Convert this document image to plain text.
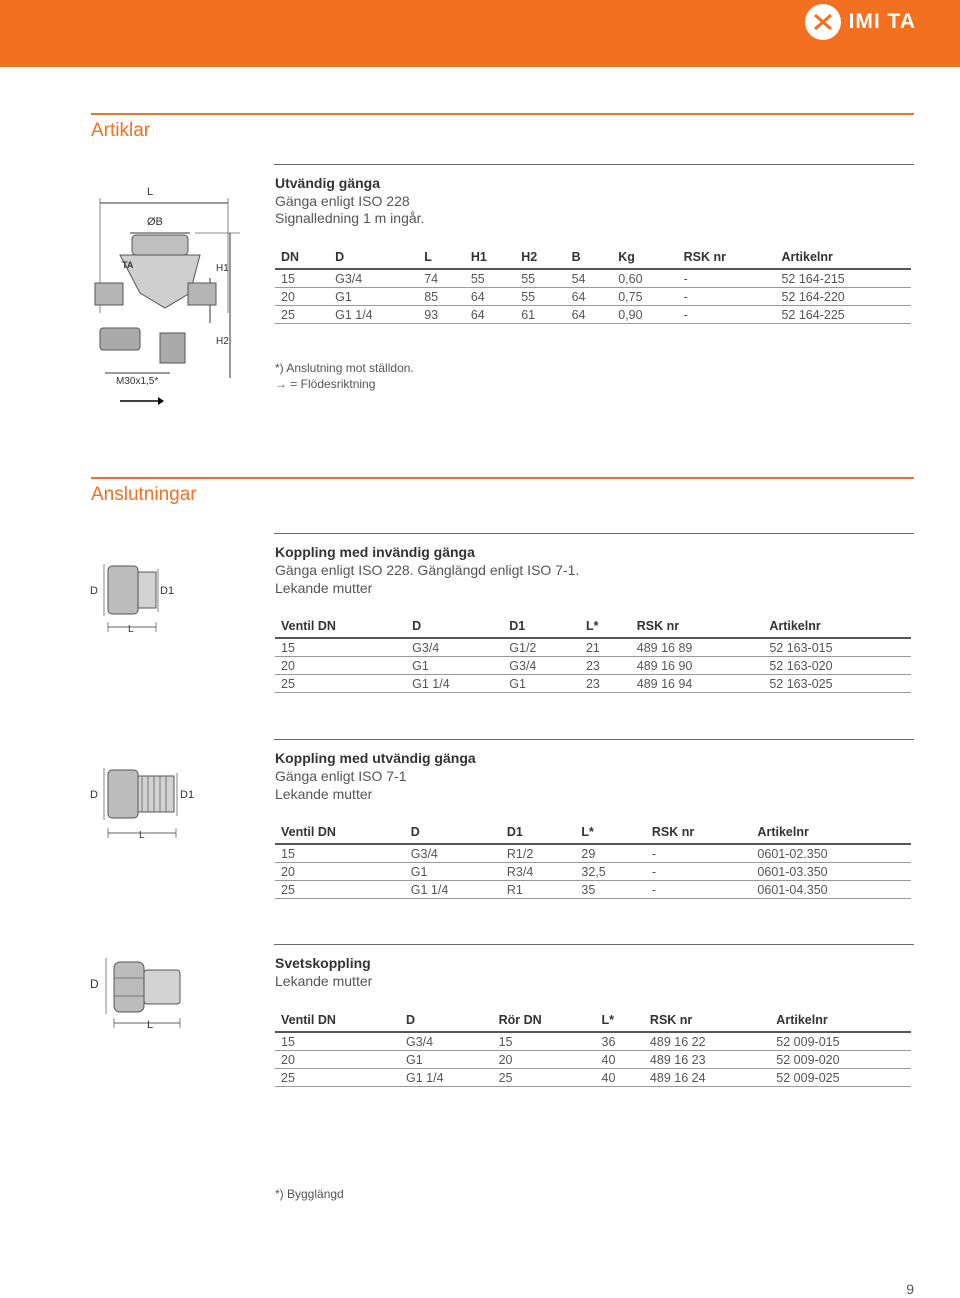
IMI TA
Artiklar
L
ØB
H1
H2
TA
M30x1,5*

Utvändig gänga

Gänga enligt ISO 228

Signalledning 1 m ingår.

DN	D	L	H1	H2	B	Kg	RSK nr	Artikelnr
15	G3/4	74	55	55	54	0,60	-	52 164-215
20	G1	85	64	55	64	0,75	-	52 164-220
25	G1 1/4	93	64	61	64	0,90	-	52 164-225
*) Anslutning mot ställdon.
→ = Flödesriktning
Anslutningar
D	D1
L

Koppling med invändig gänga

Gänga enligt ISO 228. Gänglängd enligt ISO 7-1.

Lekande mutter

Ventil DN	D	D1	L*	RSK nr	Artikelnr
15	G3/4	G1/2	21	489 16 89	52 163-015
20	G1	G3/4	23	489 16 90	52 163-020
25	G1 1/4	G1	23	489 16 94	52 163-025
D	D1
L

Koppling med utvändig gänga

Gänga enligt ISO 7-1

Lekande mutter

Ventil DN	D	D1	L*	RSK nr	Artikelnr
15	G3/4	R1/2	29	-	0601-02.350
20	G1	R3/4	32,5	-	0601-03.350
25	G1 1/4	R1	35	-	0601-04.350
D
L

Svetskoppling

Lekande mutter

Ventil DN	D	Rör DN	L*	RSK nr	Artikelnr
15	G3/4	15	36	489 16 22	52 009-015
20	G1	20	40	489 16 23	52 009-020
25	G1 1/4	25	40	489 16 24	52 009-025
*) Bygglängd
9
